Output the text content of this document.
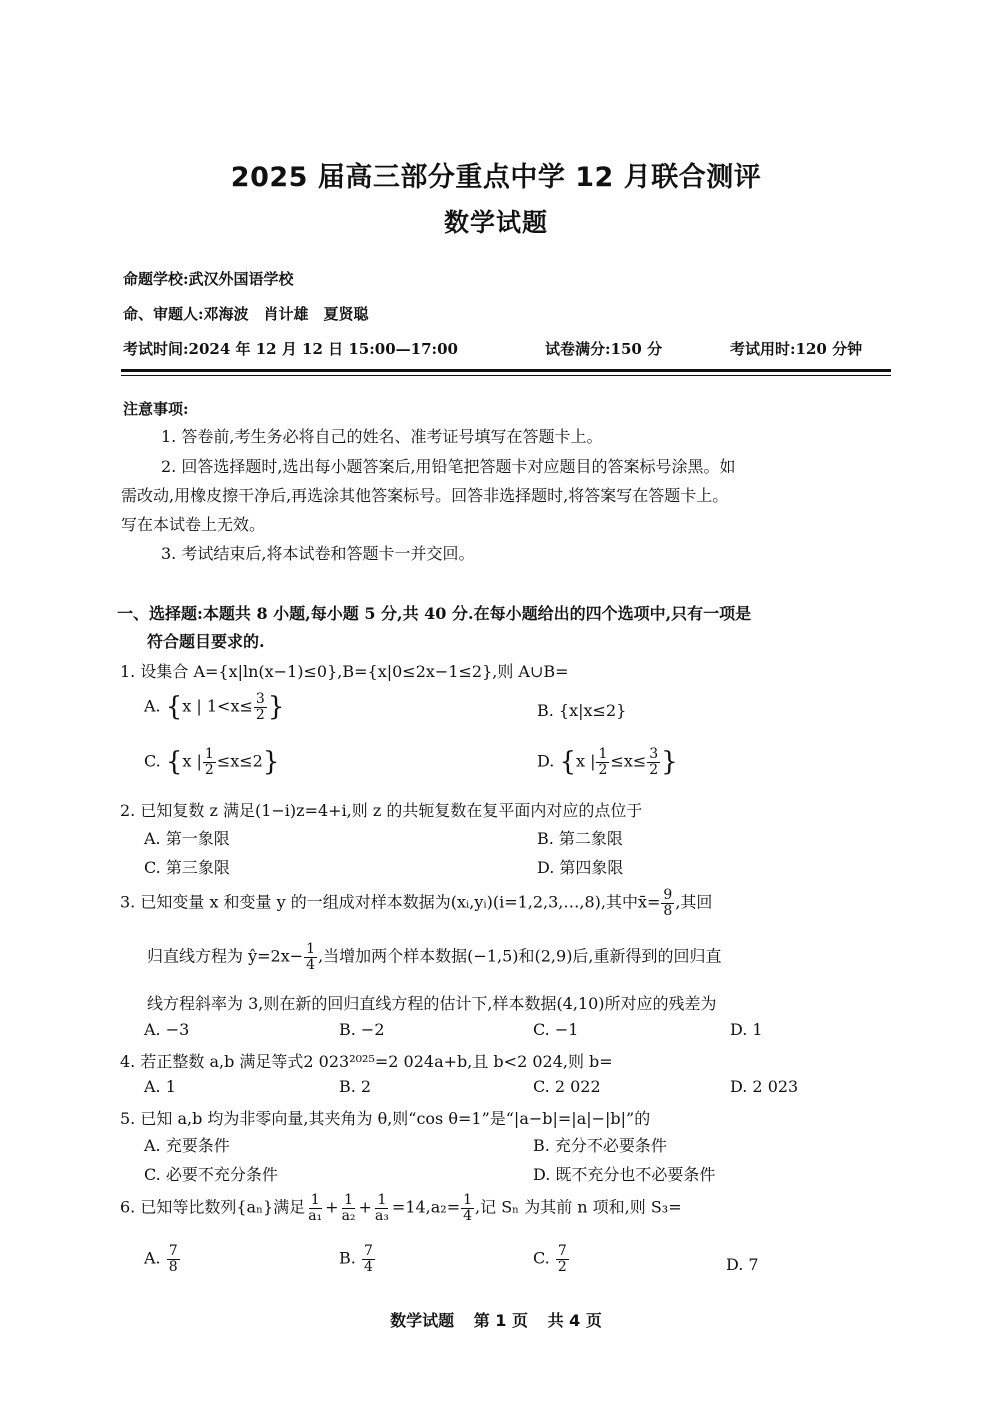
2025 届高三部分重点中学 12 月联合测评
数学试题
命题学校:武汉外国语学校
命、审题人:邓海波　肖计雄　夏贤聪
考试时间:2024 年 12 月 12 日 15:00—17:00	试卷满分:150 分	考试用时:120 分钟
注意事项:
1. 答卷前,考生务必将自己的姓名、准考证号填写在答题卡上。
2. 回答选择题时,选出每小题答案后,用铅笔把答题卡对应题目的答案标号涂黑。如
需改动,用橡皮擦干净后,再选涂其他答案标号。回答非选择题时,将答案写在答题卡上。
写在本试卷上无效。
3. 考试结束后,将本试卷和答题卡一并交回。
一、选择题:本题共 8 小题,每小题 5 分,共 40 分.在每小题给出的四个选项中,只有一项是
符合题目要求的.
1. 设集合 A={x|ln(x−1)≤0},B={x|0≤2x−1≤2},则 A∪B=
A. {x | $1<x\le \frac{3}{2}$ }	B. {x|x≤2}
C. {x | $\frac{1}{2} \le x\le 2$}	D. {x | $\frac{1}{2} \le x\le \frac{3}{2}$ }
2. 已知复数 z 满足(1−i)z=4+i,则 z 的共轭复数在复平面内对应的点位于
A. 第一象限	B. 第二象限
C. 第三象限	D. 第四象限
3. 已知变量 x 和变量 y 的一组成对样本数据为(xᵢ,yᵢ)(i=1,2,3,…,8),其中x̄= $\frac{9}{8}$ ,其回
归直线方程为 ŷ=2x− $\frac{1}{4}$ ,当增加两个样本数据(−1,5)和(2,9)后,重新得到的回归直
线方程斜率为 3,则在新的回归直线方程的估计下,样本数据(4,10)所对应的残差为
A. −3	B. −2	C. −1	D. 1
4. 若正整数 a,b 满足等式2 023²⁰²⁵=2 024a+b,且 b<2 024,则 b=
A. 1	B. 2	C. 2 022	D. 2 023
5. 已知 a,b 均为非零向量,其夹角为 θ,则“cos θ=1”是“|a−b|=|a|−|b|”的
A. 充要条件	B. 充分不必要条件
C. 必要不充分条件	D. 既不充分也不必要条件
6. 已知等比数列{aₙ}满足 $\frac{1}{\text{a₁}} + \frac{1}{\text{a₂}} + \frac{1}{\text{a₃}} =14,a_2= \frac{1}{4}$ ,记 Sₙ 为其前 n 项和,则 S₃=
A. $\frac{7}{8}$	B. $\frac{7}{4}$	C. $\frac{7}{2}$	D. 7
数学试题 第 1 页 共 4 页
